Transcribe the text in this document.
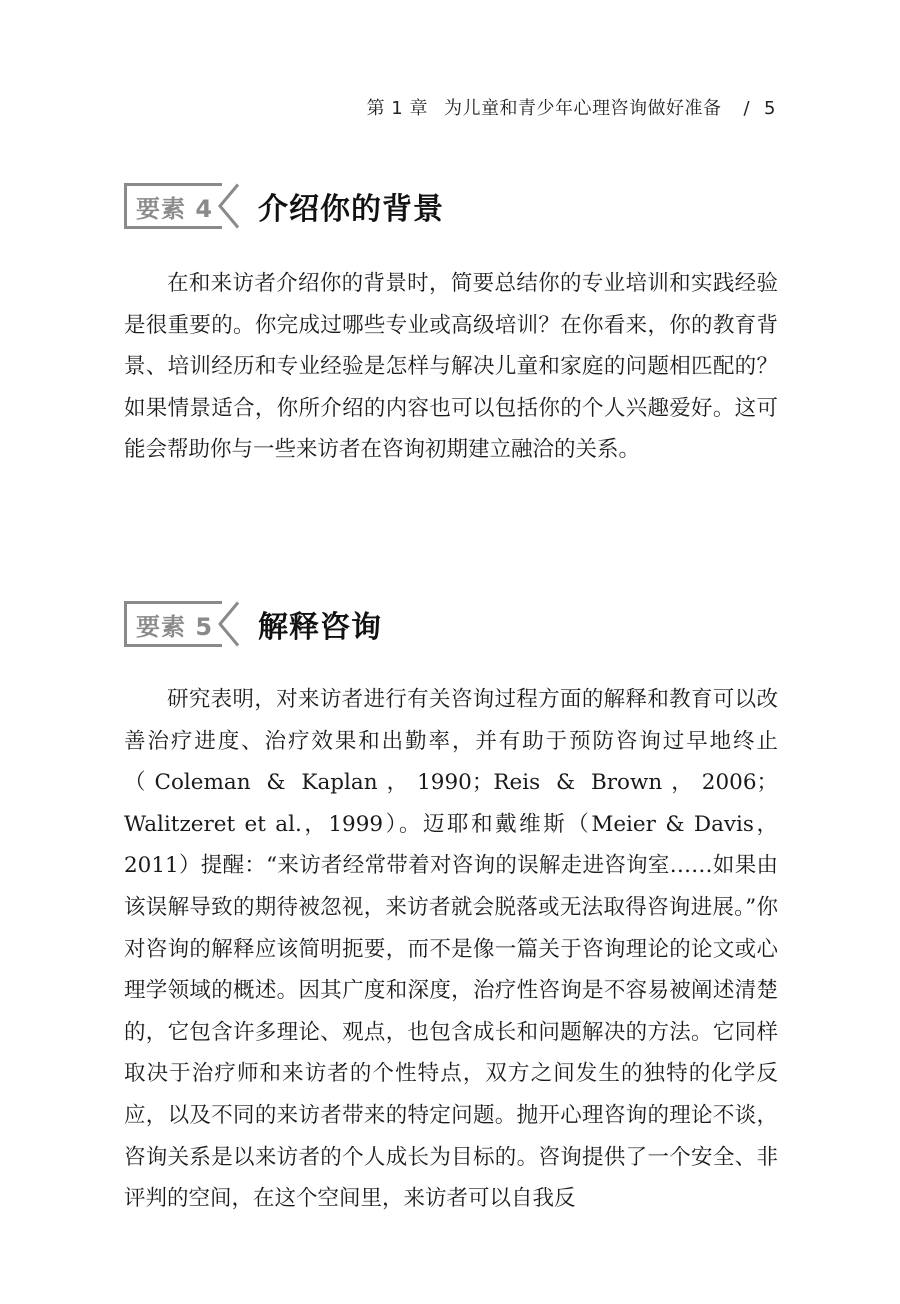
第 1 章 为儿童和青少年心理咨询做好准备 / 5
要素 4 介绍你的背景

在和来访者介绍你的背景时，简要总结你的专业培训和实践经验是很重要的。你完成过哪些专业或高级培训？在你看来，你的教育背景、培训经历和专业经验是怎样与解决儿童和家庭的问题相匹配的？如果情景适合，你所介绍的内容也可以包括你的个人兴趣爱好。这可能会帮助你与一些来访者在咨询初期建立融洽的关系。

要素 5 解释咨询

研究表明，对来访者进行有关咨询过程方面的解释和教育可以改善治疗进度、治疗效果和出勤率，并有助于预防咨询过早地终止（Coleman & Kaplan，1990；Reis & Brown，2006；Walitzeret et al.，1999）。迈耶和戴维斯（Meier & Davis，2011）提醒：“来访者经常带着对咨询的误解走进咨询室……如果由该误解导致的期待被忽视，来访者就会脱落或无法取得咨询进展。”你对咨询的解释应该简明扼要，而不是像一篇关于咨询理论的论文或心理学领域的概述。因其广度和深度，治疗性咨询是不容易被阐述清楚的，它包含许多理论、观点，也包含成长和问题解决的方法。它同样取决于治疗师和来访者的个性特点，双方之间发生的独特的化学反应，以及不同的来访者带来的特定问题。抛开心理咨询的理论不谈，咨询关系是以来访者的个人成长为目标的。咨询提供了一个安全、非评判的空间，在这个空间里，来访者可以自我反
